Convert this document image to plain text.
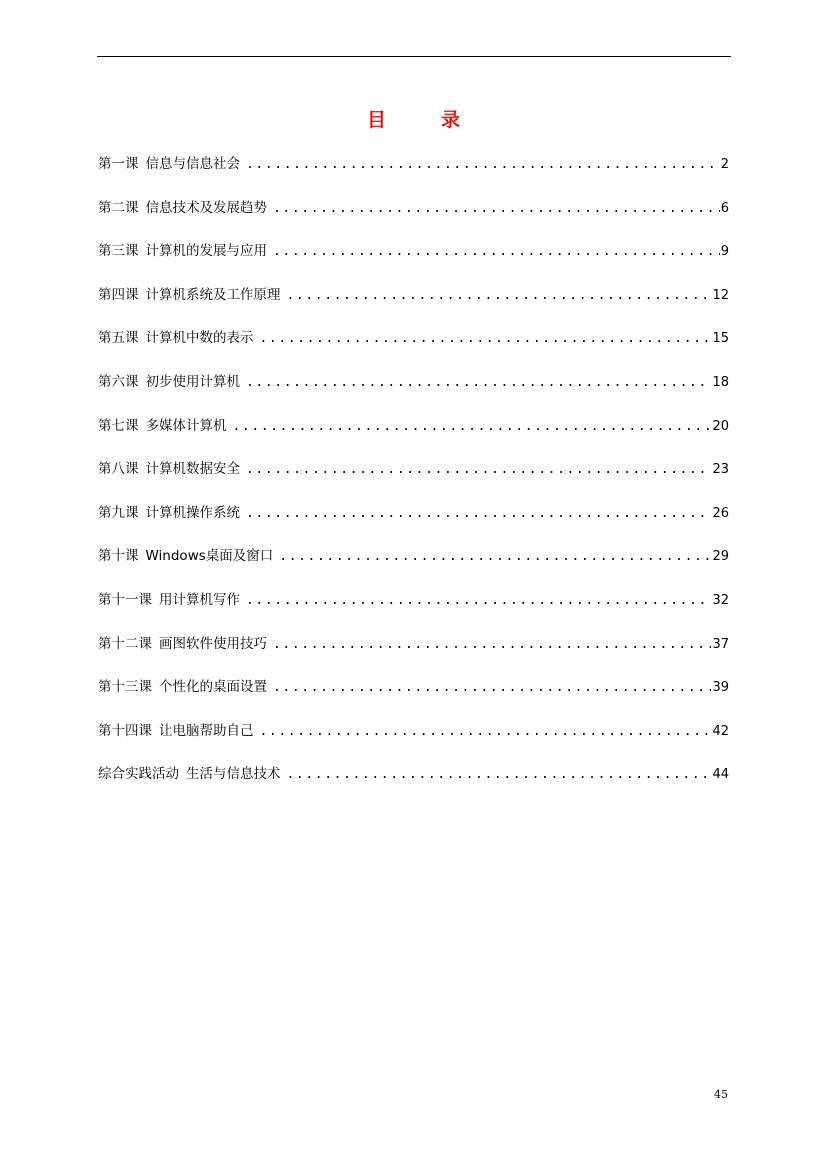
目　录
第一课 信息与信息社会 .....	2
第二课 信息技术及发展趋势 .....	6
第三课 计算机的发展与应用 .....	9
第四课 计算机系统及工作原理 .....	12
第五课 计算机中数的表示 .....	15
第六课 初步使用计算机 .....	18
第七课 多媒体计算机 .....	20
第八课 计算机数据安全 .....	23
第九课 计算机操作系统 .....	26
第十课 Windows桌面及窗口 .....	29
第十一课 用计算机写作 .....	32
第十二课 画图软件使用技巧 .....	37
第十三课 个性化的桌面设置 .....	39
第十四课 让电脑帮助自己 .....	42
综合实践活动 生活与信息技术 .....	44
45
